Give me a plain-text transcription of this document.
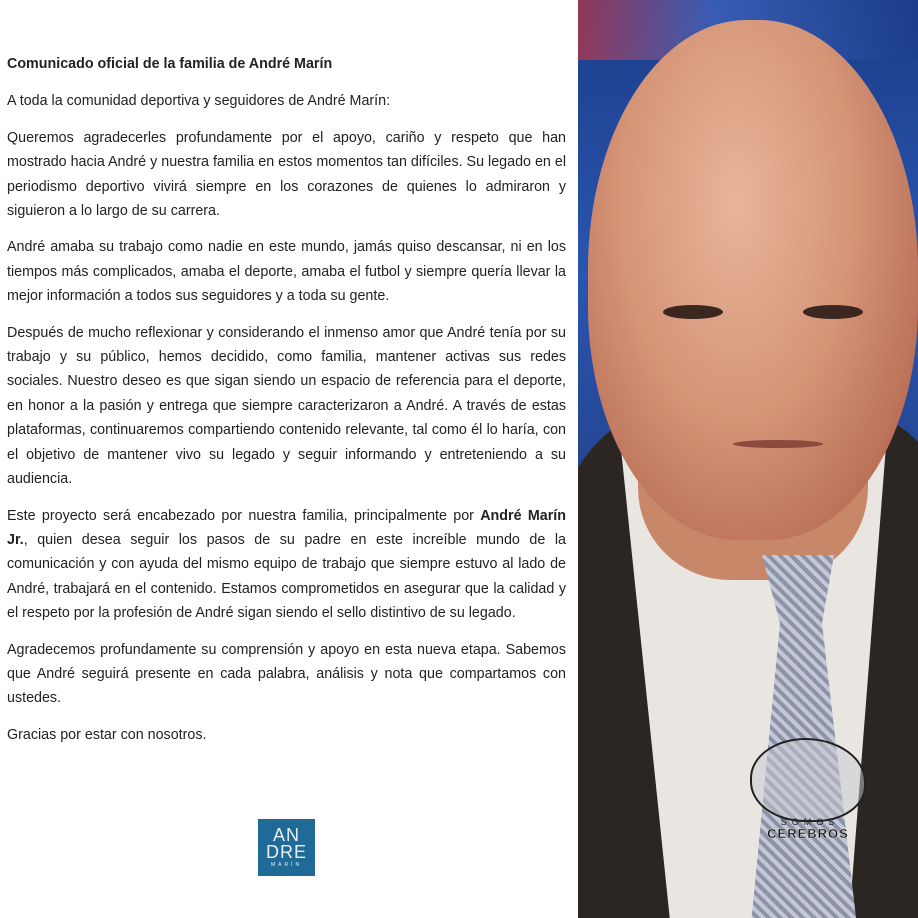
Comunicado oficial de la familia de André Marín

A toda la comunidad deportiva y seguidores de André Marín:

Queremos agradecerles profundamente por el apoyo, cariño y respeto que han mostrado hacia André y nuestra familia en estos momentos tan difíciles. Su legado en el periodismo deportivo vivirá siempre en los corazones de quienes lo admiraron y siguieron a lo largo de su carrera.

André amaba su trabajo como nadie en este mundo, jamás quiso descansar, ni en los tiempos más complicados, amaba el deporte, amaba el futbol y siempre quería llevar la mejor información a todos sus seguidores y a toda su gente.

Después de mucho reflexionar y considerando el inmenso amor que André tenía por su trabajo y su público, hemos decidido, como familia, mantener activas sus redes sociales. Nuestro deseo es que sigan siendo un espacio de referencia para el deporte, en honor a la pasión y entrega que siempre caracterizaron a André. A través de estas plataformas, continuaremos compartiendo contenido relevante, tal como él lo haría, con el objetivo de mantener vivo su legado y seguir informando y entreteniendo a su audiencia.

Este proyecto será encabezado por nuestra familia, principalmente por André Marín Jr., quien desea seguir los pasos de su padre en este increíble mundo de la comunicación y con ayuda del mismo equipo de trabajo que siempre estuvo al lado de André, trabajará en el contenido. Estamos comprometidos en asegurar que la calidad y el respeto por la profesión de André sigan siendo el sello distintivo de su legado.

Agradecemos profundamente su comprensión y apoyo en esta nueva etapa. Sabemos que André seguirá presente en cada palabra, análisis y nota que compartamos con ustedes.

Gracias por estar con nosotros.

AN
DRE
MARÍN
SOMOS
CEREBROS
